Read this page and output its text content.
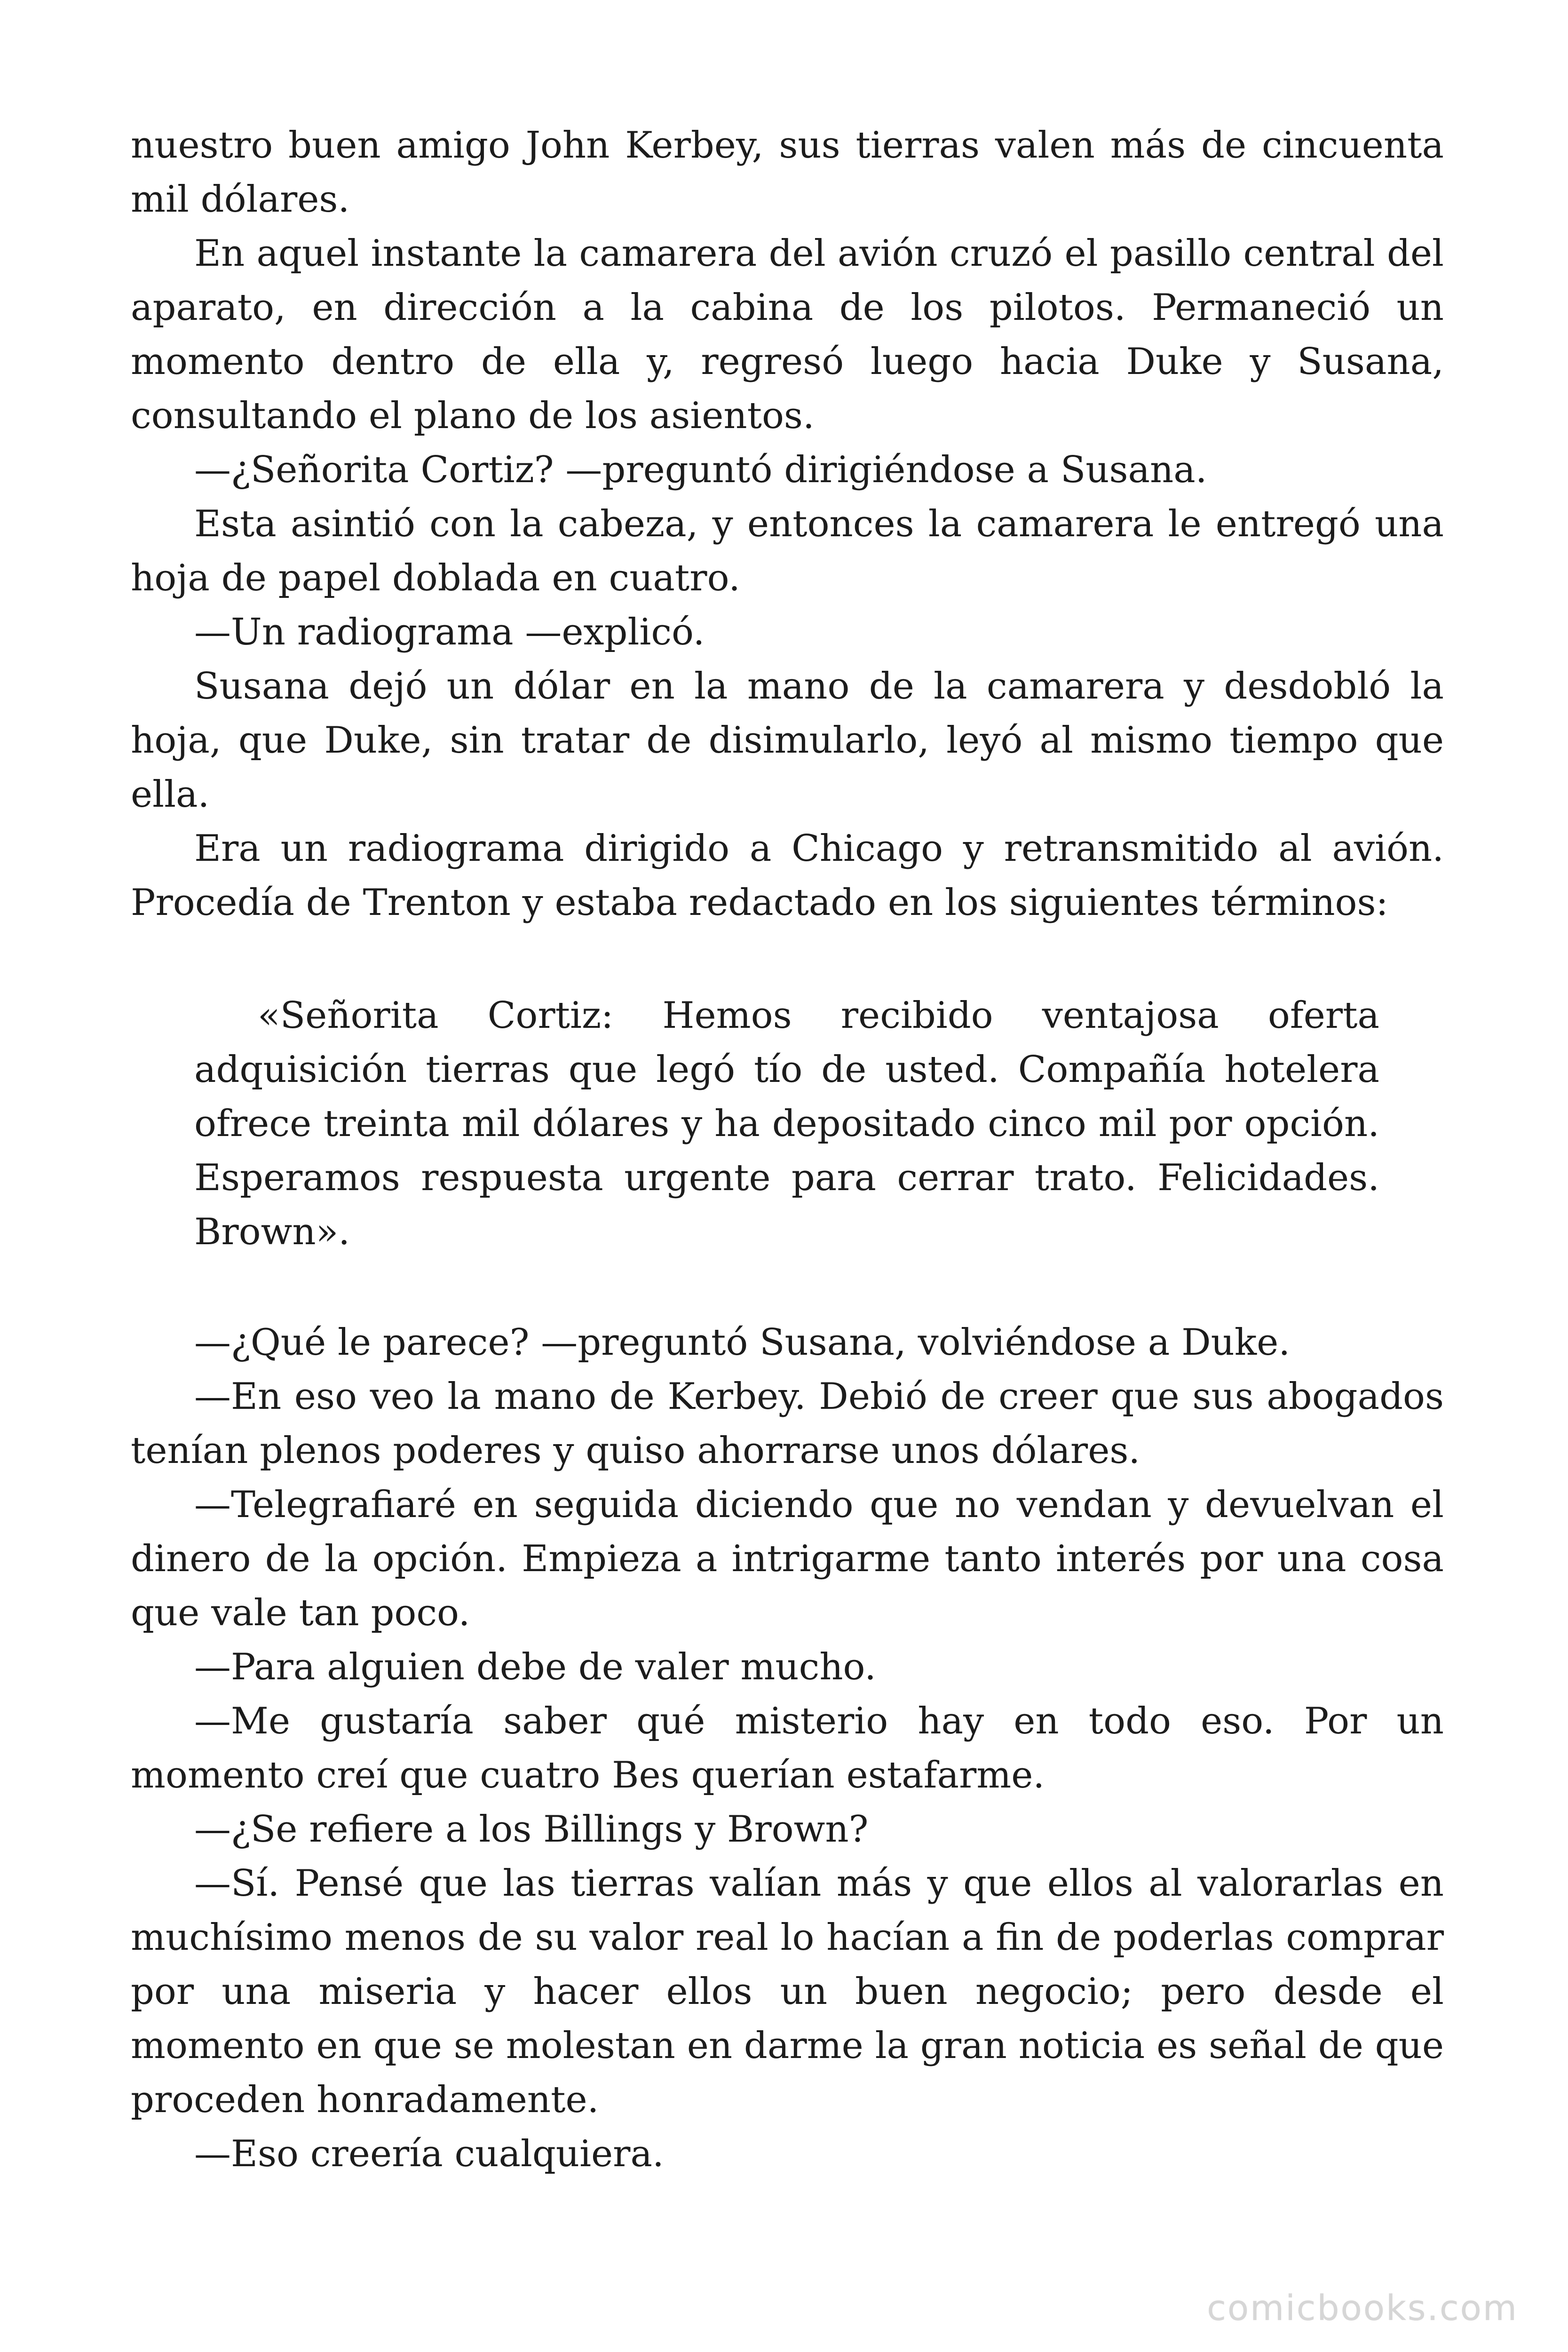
nuestro buen amigo John Kerbey, sus tierras valen más de cincuenta mil dólares.

En aquel instante la camarera del avión cruzó el pasillo central del aparato, en dirección a la cabina de los pilotos. Permaneció un momento dentro de ella y, regresó luego hacia Duke y Susana, consultando el plano de los asientos.

—¿Señorita Cortiz? —preguntó dirigiéndose a Susana.

Esta asintió con la cabeza, y entonces la camarera le entregó una hoja de papel doblada en cuatro.

—Un radiograma —explicó.

Susana dejó un dólar en la mano de la camarera y desdobló la hoja, que Duke, sin tratar de disimularlo, leyó al mismo tiempo que ella.

Era un radiograma dirigido a Chicago y retransmitido al avión. Procedía de Trenton y estaba redactado en los siguientes términos:

«Señorita Cortiz: Hemos recibido ventajosa oferta adquisición tierras que legó tío de usted. Compañía hotelera ofrece treinta mil dólares y ha depositado cinco mil por opción. Esperamos respuesta urgente para cerrar trato. Felicidades. Brown».

—¿Qué le parece? —preguntó Susana, volviéndose a Duke.

—En eso veo la mano de Kerbey. Debió de creer que sus abogados tenían plenos poderes y quiso ahorrarse unos dólares.

—Telegrafiaré en seguida diciendo que no vendan y devuelvan el dinero de la opción. Empieza a intrigarme tanto interés por una cosa que vale tan poco.

—Para alguien debe de valer mucho.

—Me gustaría saber qué misterio hay en todo eso. Por un momento creí que cuatro Bes querían estafarme.

—¿Se refiere a los Billings y Brown?

—Sí. Pensé que las tierras valían más y que ellos al valorarlas en muchísimo menos de su valor real lo hacían a fin de poderlas comprar por una miseria y hacer ellos un buen negocio; pero desde el momento en que se molestan en darme la gran noticia es señal de que proceden honradamente.

—Eso creería cualquiera.

comicbooks.com
